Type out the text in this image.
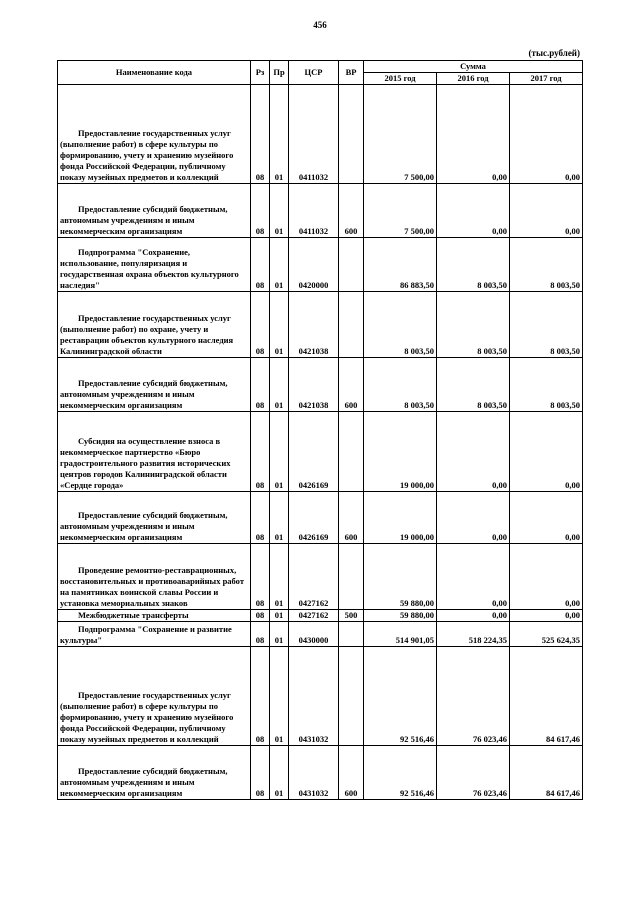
456
(тыс.рублей)
Наименование кода	Рз	Пр	ЦСР	ВР	Сумма		
					2015 год	2016 год	2017 год

Предоставление государственных услуг (выполнение работ) в сфере культуры по формированию, учету и хранению музейного фонда Российской Федерации, публичному показу музейных предметов и коллекций	08	01	0411032		7 500,00	0,00	0,00

Предоставление субсидий бюджетным, автономным учреждениям и иным некоммерческим организациям	08	01	0411032	600	7 500,00	0,00	0,00

Подпрограмма "Сохранение, использование, популяризация и государственная охрана объектов культурного наследия"	08	01	0420000		86 883,50	8 003,50	8 003,50

Предоставление государственных услуг (выполнение работ) по охране, учету и реставрации объектов культурного наследия Калининградской области	08	01	0421038		8 003,50	8 003,50	8 003,50

Предоставление субсидий бюджетным, автономным учреждениям и иным некоммерческим организациям	08	01	0421038	600	8 003,50	8 003,50	8 003,50

Субсидия на осуществление взноса в некоммерческое партнерство «Бюро градостроительного развития исторических центров городов Калининградской области «Сердце города»	08	01	0426169		19 000,00	0,00	0,00

Предоставление субсидий бюджетным, автономным учреждениям и иным некоммерческим организациям	08	01	0426169	600	19 000,00	0,00	0,00

Проведение ремонтно-реставрационных, восстановительных и противоаварийных работ на памятниках воинской славы России и установка мемориальных знаков	08	01	0427162		59 880,00	0,00	0,00

Межбюджетные трансферты	08	01	0427162	500	59 880,00	0,00	0,00

Подпрограмма "Сохранение и развитие культуры"	08	01	0430000		514 901,05	518 224,35	525 624,35

Предоставление государственных услуг (выполнение работ) в сфере культуры по формированию, учету и хранению музейного фонда Российской Федерации, публичному показу музейных предметов и коллекций	08	01	0431032		92 516,46	76 023,46	84 617,46

Предоставление субсидий бюджетным, автономным учреждениям и иным некоммерческим организациям	08	01	0431032	600	92 516,46	76 023,46	84 617,46
